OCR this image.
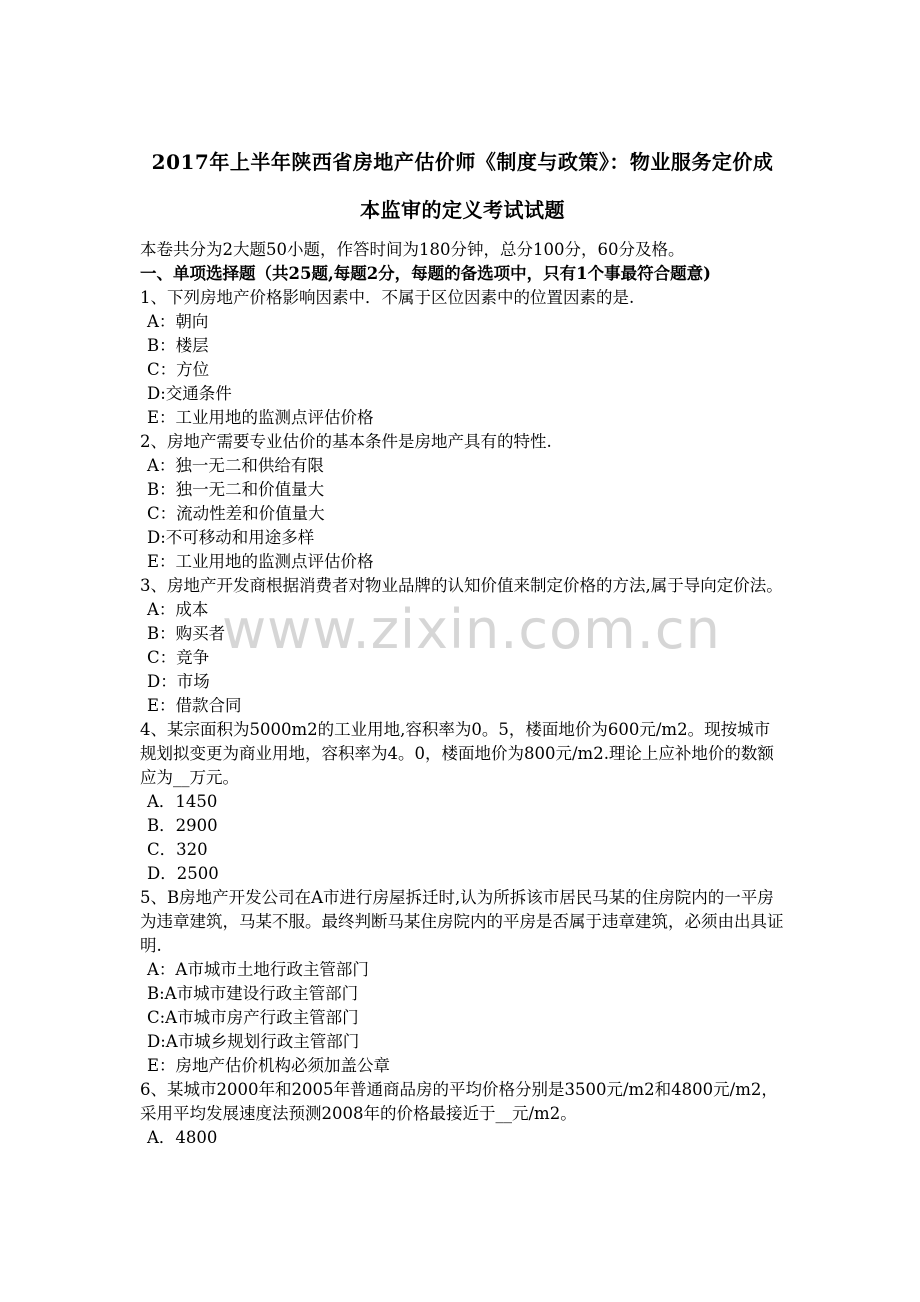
www.zixin.com.cn
2017年上半年陕西省房地产估价师《制度与政策》：物业服务定价成
本监审的定义考试试题
本卷共分为2大题50小题，作答时间为180分钟，总分100分，60分及格。
一、单项选择题（共25题,每题2分，每题的备选项中，只有1个事最符合题意)
1、下列房地产价格影响因素中．不属于区位因素中的位置因素的是.
A：朝向
B：楼层
C：方位
D:交通条件
E：工业用地的监测点评估价格
2、房地产需要专业估价的基本条件是房地产具有的特性.
A：独一无二和供给有限
B：独一无二和价值量大
C：流动性差和价值量大
D:不可移动和用途多样
E：工业用地的监测点评估价格
3、房地产开发商根据消费者对物业品牌的认知价值来制定价格的方法,属于导向定价法。
A：成本
B：购买者
C：竞争
D：市场
E：借款合同
4、某宗面积为5000m2的工业用地,容积率为0。5，楼面地价为600元/m2。现按城市规划拟变更为商业用地，容积率为4。0，楼面地价为800元/m2.理论上应补地价的数额应为__万元。
A．1450
B．2900
C．320
D．2500
5、B房地产开发公司在A市进行房屋拆迁时,认为所拆该市居民马某的住房院内的一平房为违章建筑，马某不服。最终判断马某住房院内的平房是否属于违章建筑，必须由出具证明.
A：A市城市土地行政主管部门
B:A市城市建设行政主管部门
C:A市城市房产行政主管部门
D:A市城乡规划行政主管部门
E：房地产估价机构必须加盖公章
6、某城市2000年和2005年普通商品房的平均价格分别是3500元/m2和4800元/m2，采用平均发展速度法预测2008年的价格最接近于__元/m2。
A．4800
